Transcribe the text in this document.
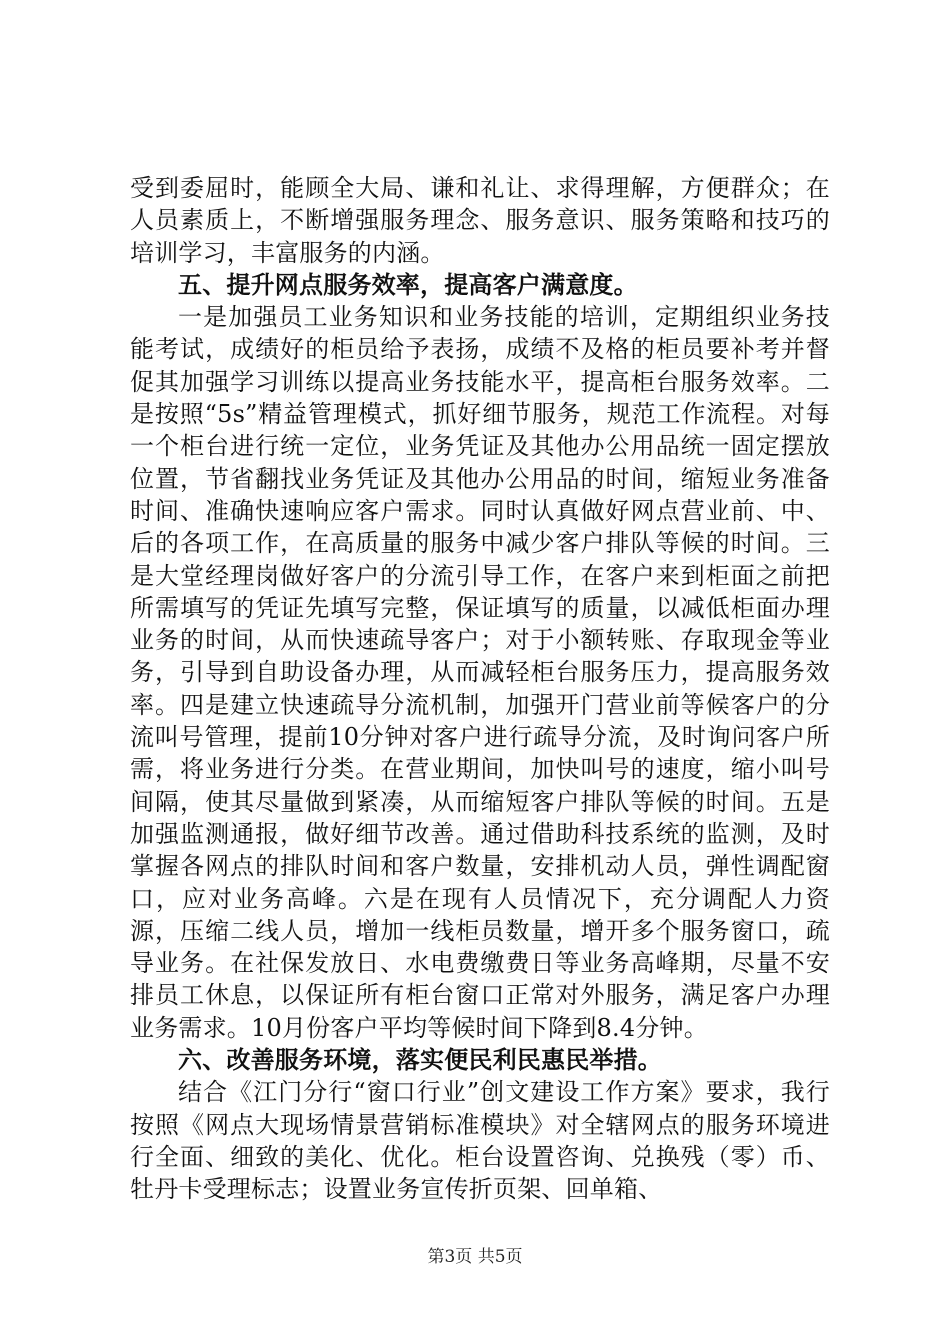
受到委屈时，能顾全大局、谦和礼让、求得理解，方便群众；在人员素质上，不断增强服务理念、服务意识、服务策略和技巧的培训学习，丰富服务的内涵。

五、提升网点服务效率，提高客户满意度。

一是加强员工业务知识和业务技能的培训，定期组织业务技能考试，成绩好的柜员给予表扬，成绩不及格的柜员要补考并督促其加强学习训练以提高业务技能水平，提高柜台服务效率。二是按照“5s”精益管理模式，抓好细节服务，规范工作流程。对每一个柜台进行统一定位，业务凭证及其他办公用品统一固定摆放位置，节省翻找业务凭证及其他办公用品的时间，缩短业务准备时间、准确快速响应客户需求。同时认真做好网点营业前、中、后的各项工作，在高质量的服务中减少客户排队等候的时间。三是大堂经理岗做好客户的分流引导工作，在客户来到柜面之前把所需填写的凭证先填写完整，保证填写的质量，以减低柜面办理业务的时间，从而快速疏导客户；对于小额转账、存取现金等业务，引导到自助设备办理，从而减轻柜台服务压力，提高服务效率。四是建立快速疏导分流机制，加强开门营业前等候客户的分流叫号管理，提前10分钟对客户进行疏导分流，及时询问客户所需，将业务进行分类。在营业期间，加快叫号的速度，缩小叫号间隔，使其尽量做到紧凑，从而缩短客户排队等候的时间。五是加强监测通报，做好细节改善。通过借助科技系统的监测，及时掌握各网点的排队时间和客户数量，安排机动人员，弹性调配窗口，应对业务高峰。六是在现有人员情况下，充分调配人力资源，压缩二线人员，增加一线柜员数量，增开多个服务窗口，疏导业务。在社保发放日、水电费缴费日等业务高峰期，尽量不安排员工休息，以保证所有柜台窗口正常对外服务，满足客户办理业务需求。10月份客户平均等候时间下降到8.4分钟。

六、改善服务环境，落实便民利民惠民举措。

结合《江门分行“窗口行业”创文建设工作方案》要求，我行按照《网点大现场情景营销标准模块》对全辖网点的服务环境进行全面、细致的美化、优化。柜台设置咨询、兑换残（零）币、牡丹卡受理标志；设置业务宣传折页架、回单箱、

第3页 共5页
